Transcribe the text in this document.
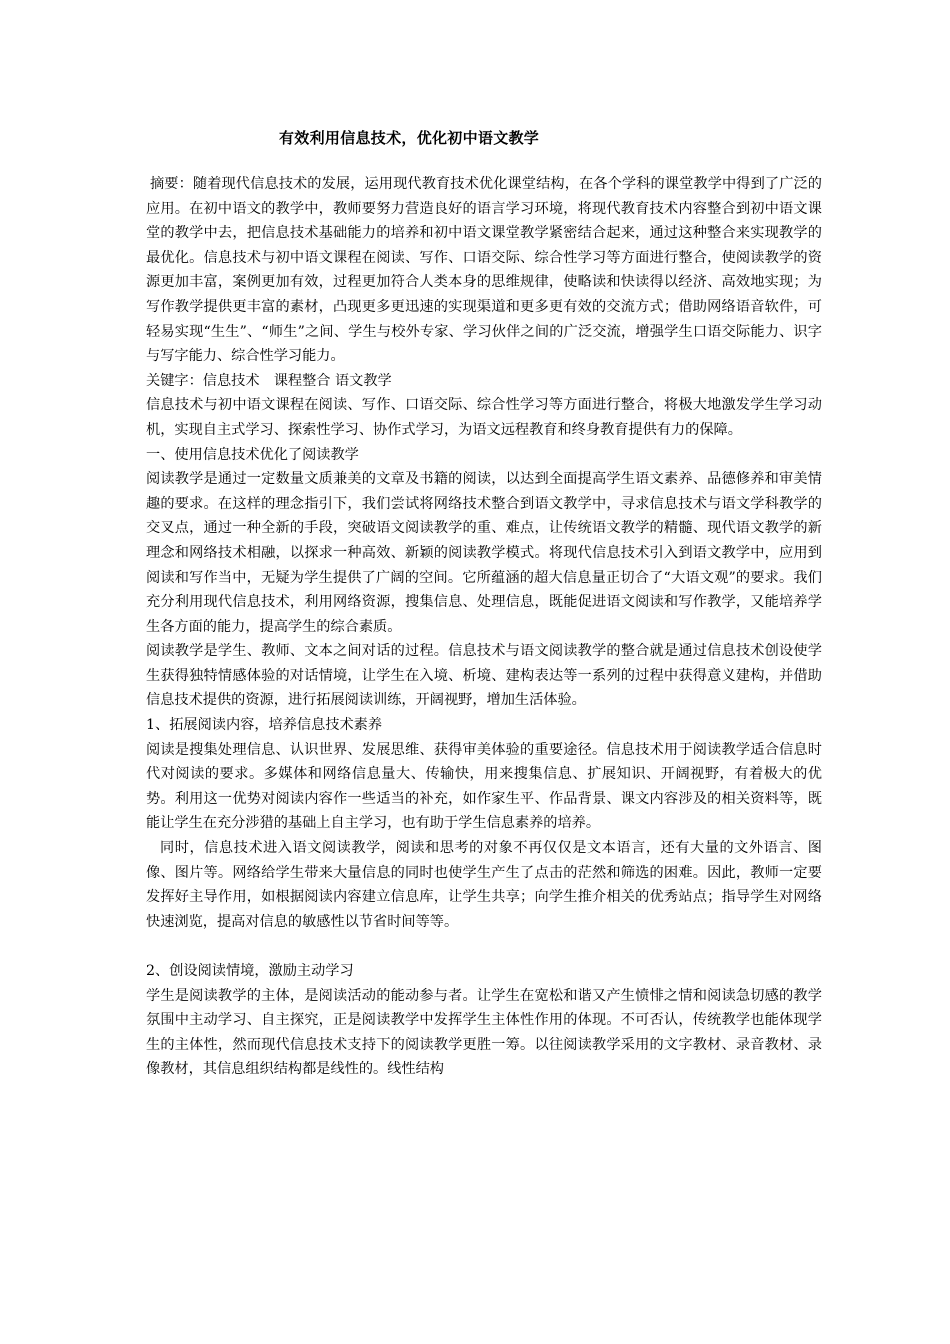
有效利用信息技术，优化初中语文教学

摘要：随着现代信息技术的发展，运用现代教育技术优化课堂结构，在各个学科的课堂教学中得到了广泛的应用。在初中语文的教学中，教师要努力营造良好的语言学习环境，将现代教育技术内容整合到初中语文课堂的教学中去，把信息技术基础能力的培养和初中语文课堂教学紧密结合起来，通过这种整合来实现教学的最优化。信息技术与初中语文课程在阅读、写作、口语交际、综合性学习等方面进行整合，使阅读教学的资源更加丰富，案例更加有效，过程更加符合人类本身的思维规律，使略读和快读得以经济、高效地实现；为写作教学提供更丰富的素材，凸现更多更迅速的实现渠道和更多更有效的交流方式；借助网络语音软件，可轻易实现“生生”、“师生”之间、学生与校外专家、学习伙伴之间的广泛交流，增强学生口语交际能力、识字与写字能力、综合性学习能力。

关键字：信息技术　课程整合 语文教学

信息技术与初中语文课程在阅读、写作、口语交际、综合性学习等方面进行整合，将极大地激发学生学习动机，实现自主式学习、探索性学习、协作式学习，为语文远程教育和终身教育提供有力的保障。

一、使用信息技术优化了阅读教学

阅读教学是通过一定数量文质兼美的文章及书籍的阅读，以达到全面提高学生语文素养、品德修养和审美情趣的要求。在这样的理念指引下，我们尝试将网络技术整合到语文教学中，寻求信息技术与语文学科教学的交叉点，通过一种全新的手段，突破语文阅读教学的重、难点，让传统语文教学的精髓、现代语文教学的新理念和网络技术相融，以探求一种高效、新颖的阅读教学模式。将现代信息技术引入到语文教学中，应用到阅读和写作当中，无疑为学生提供了广阔的空间。它所蕴涵的超大信息量正切合了“大语文观”的要求。我们充分利用现代信息技术，利用网络资源，搜集信息、处理信息，既能促进语文阅读和写作教学，又能培养学生各方面的能力，提高学生的综合素质。

阅读教学是学生、教师、文本之间对话的过程。信息技术与语文阅读教学的整合就是通过信息技术创设使学生获得独特情感体验的对话情境，让学生在入境、析境、建构表达等一系列的过程中获得意义建构，并借助信息技术提供的资源，进行拓展阅读训练，开阔视野，增加生活体验。

1、拓展阅读内容，培养信息技术素养

阅读是搜集处理信息、认识世界、发展思维、获得审美体验的重要途径。信息技术用于阅读教学适合信息时代对阅读的要求。多媒体和网络信息量大、传输快，用来搜集信息、扩展知识、开阔视野，有着极大的优势。利用这一优势对阅读内容作一些适当的补充，如作家生平、作品背景、课文内容涉及的相关资料等，既能让学生在充分涉猎的基础上自主学习，也有助于学生信息素养的培养。

同时，信息技术进入语文阅读教学，阅读和思考的对象不再仅仅是文本语言，还有大量的文外语言、图像、图片等。网络给学生带来大量信息的同时也使学生产生了点击的茫然和筛选的困难。因此，教师一定要发挥好主导作用，如根据阅读内容建立信息库，让学生共享；向学生推介相关的优秀站点；指导学生对网络快速浏览，提高对信息的敏感性以节省时间等等。

2、创设阅读情境，激励主动学习

学生是阅读教学的主体，是阅读活动的能动参与者。让学生在宽松和谐又产生愤悱之情和阅读急切感的教学氛围中主动学习、自主探究，正是阅读教学中发挥学生主体性作用的体现。不可否认，传统教学也能体现学生的主体性，然而现代信息技术支持下的阅读教学更胜一筹。以往阅读教学采用的文字教材、录音教材、录像教材，其信息组织结构都是线性的。线性结构
